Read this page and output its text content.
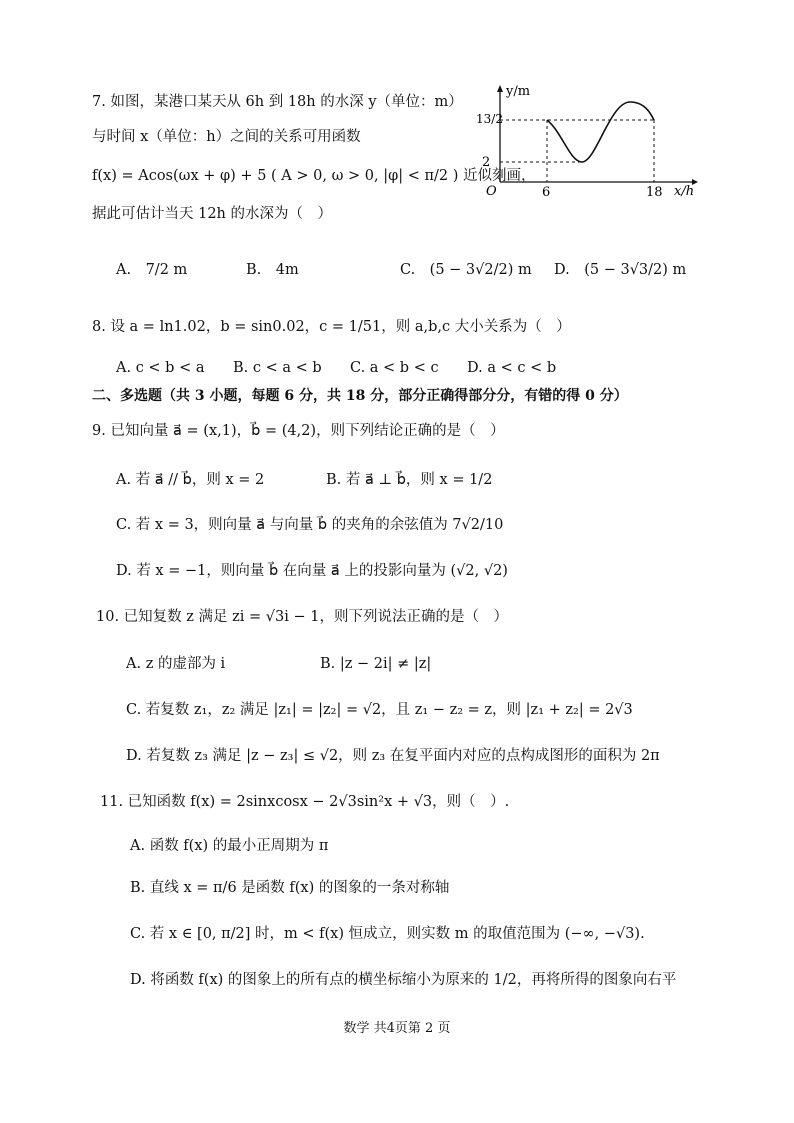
7. 如图，某港口某天从 6h 到 18h 的水深 y（单位：m）
与时间 x（单位：h）之间的关系可用函数
f(x) = Acos(ωx + φ) + 5 ( A > 0, ω > 0, |φ| < π/2 ) 近似刻画，
据此可估计当天 12h 的水深为（　）
y/m
x/h
O
13/2
2
6	18
A.　7/2 m	B.　4m	C.　(5 − 3√2/2) m D.　(5 − 3√3/2) m
8. 设 a = ln1.02，b = sin0.02，c = 1/51，则 a,b,c 大小关系为（　）
A. c < b < a B. c < a < b C. a < b < c D. a < c < b
二、多选题（共 3 小题，每题 6 分，共 18 分，部分正确得部分分，有错的得 0 分）
9. 已知向量 a⃗ = (x,1)，b⃗ = (4,2)，则下列结论正确的是（　）
A. 若 a⃗ // b⃗，则 x = 2	B. 若 a⃗ ⊥ b⃗，则 x = 1/2
C. 若 x = 3，则向量 a⃗ 与向量 b⃗ 的夹角的余弦值为 7√2/10
D. 若 x = −1，则向量 b⃗ 在向量 a⃗ 上的投影向量为 (√2, √2)
10. 已知复数 z 满足 zi = √3i − 1，则下列说法正确的是（　）
A. z 的虚部为 i	B. |z − 2i| ≠ |z|
C. 若复数 z₁，z₂ 满足 |z₁| = |z₂| = √2，且 z₁ − z₂ = z，则 |z₁ + z₂| = 2√3
D. 若复数 z₃ 满足 |z − z₃| ≤ √2，则 z₃ 在复平面内对应的点构成图形的面积为 2π
11. 已知函数 f(x) = 2sinxcosx − 2√3sin²x + √3，则（　）.
A. 函数 f(x) 的最小正周期为 π
B. 直线 x = π/6 是函数 f(x) 的图象的一条对称轴
C. 若 x ∈ [0, π/2] 时，m < f(x) 恒成立，则实数 m 的取值范围为 (−∞, −√3).
D. 将函数 f(x) 的图象上的所有点的横坐标缩小为原来的 1/2，再将所得的图象向右平
数学 共4页第 2 页
